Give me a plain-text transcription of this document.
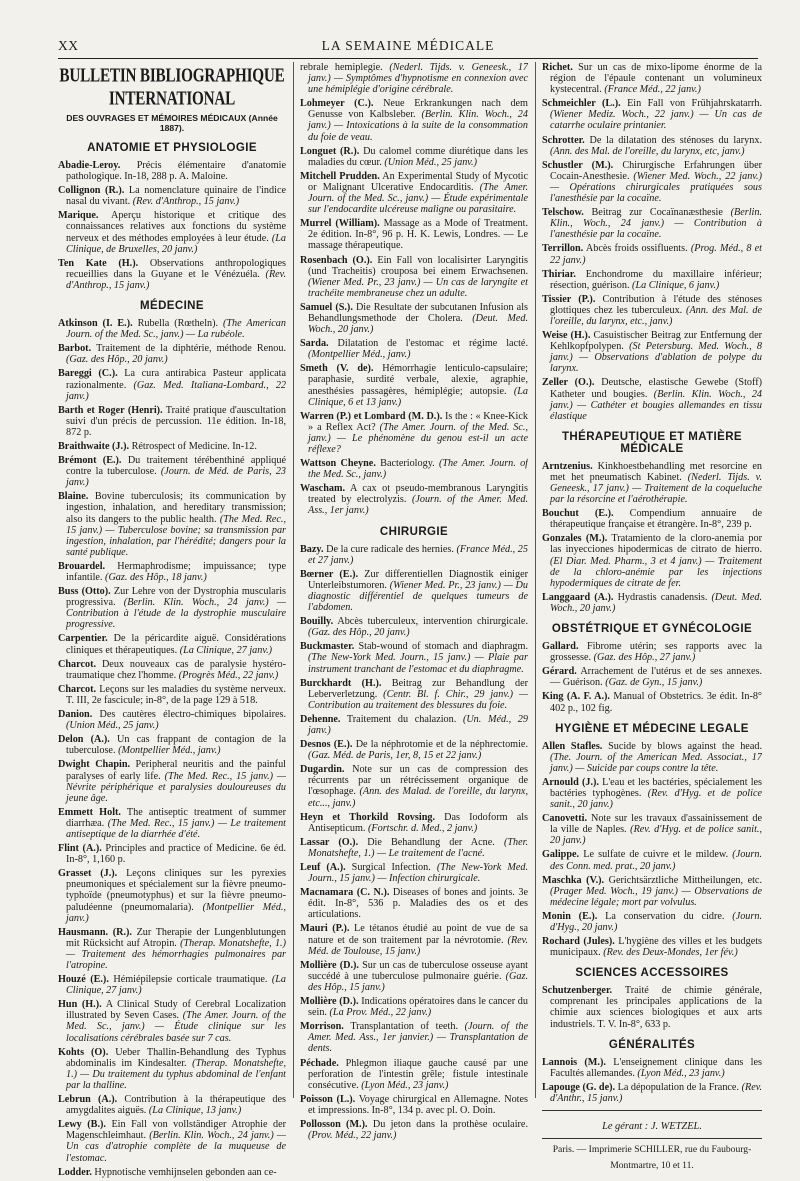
XX	LA SEMAINE MÉDICALE
BULLETIN BIBLIOGRAPHIQUE INTERNATIONAL
DES OUVRAGES ET MÉMOIRES MÉDICAUX (Année 1887).
ANATOMIE ET PHYSIOLOGIE
Abadie-Leroy. Précis élémentaire d'anatomie pathologique. In-18, 288 p. A. Maloine.
Collignon (R.). La nomenclature quinaire de l'indice nasal du vivant. (Rev. d'Anthrop., 15 janv.)
Marique. Aperçu historique et critique des connaissances relatives aux fonctions du système nerveux et des méthodes employées à leur étude. (La Clinique, de Bruxelles, 20 janv.)
Ten Kate (H.). Observations anthropologiques recueillies dans la Guyane et le Vénézuéla. (Rev. d'Anthrop., 15 janv.)
MÉDECINE
Atkinson (I. E.). Rubella (Rœtheln). (The American Journ. of the Med. Sc., janv.) — La rubéole.
Barbot. Traitement de la diphtérie, méthode Renou. (Gaz. des Hôp., 20 janv.)
Bareggi (C.). La cura antirabica Pasteur applicata razionalmente. (Gaz. Med. Italiana-Lombard., 22 janv.)
Barth et Roger (Henri). Traité pratique d'auscultation suivi d'un précis de percussion. 11e édition. In-18, 872 p.
Braithwaite (J.). Rétrospect of Medicine. In-12.
Brémont (E.). Du traitement térébenthiné appliqué contre la tuberculose. (Journ. de Méd. de Paris, 23 janv.)
Blaine. Bovine tuberculosis; its communication by ingestion, inhalation, and hereditary transmission; also its dangers to the public health. (The Med. Rec., 15 janv.) — Tuberculose bovine; sa transmission par ingestion, inhalation, par l'hérédité; dangers pour la santé publique.
Brouardel. Hermaphrodisme; impuissance; type infantile. (Gaz. des Hôp., 18 janv.)
Buss (Otto). Zur Lehre von der Dystrophia muscularis progressiva. (Berlin. Klin. Woch., 24 janv.) — Contribution à l'étude de la dystrophie musculaire progressive.
Carpentier. De la péricardite aiguë. Considérations cliniques et thérapeutiques. (La Clinique, 27 janv.)
Charcot. Deux nouveaux cas de paralysie hystéro-traumatique chez l'homme. (Progrès Méd., 22 janv.)
Charcot. Leçons sur les maladies du système nerveux. T. III, 2e fascicule; in-8°, de la page 129 à 518.
Danion. Des cautères électro-chimiques bipolaires. (Union Méd., 25 janv.)
Delon (A.). Un cas frappant de contagion de la tuberculose. (Montpellier Méd., janv.)
Dwight Chapin. Peripheral neuritis and the painful paralyses of early life. (The Med. Rec., 15 janv.) — Névrite périphérique et paralysies douloureuses du jeune âge.
Emmett Holt. The antiseptic treatment of summer diarrhæa. (The Med. Rec., 15 janv.) — Le traitement antiseptique de la diarrhée d'été.
Flint (A.). Principles and practice of Medicine. 6e éd. In-8°, 1,160 p.
Grasset (J.). Leçons cliniques sur les pyrexies pneumoniques et spécialement sur la fièvre pneumo-typhoïde (pneumotyphus) et sur la fièvre pneumo-paludéenne (pneumomalaria). (Montpellier Méd., janv.)
Hausmann. (R.). Zur Therapie der Lungenblutungen mit Rücksicht auf Atropin. (Therap. Monatshefte, 1.) — Traitement des hémorrhagies pulmonaires par l'atropine.
Houzé (E.). Hémiépilepsie corticale traumatique. (La Clinique, 27 janv.)
Hun (H.). A Clinical Study of Cerebral Localization illustrated by Seven Cases. (The Amer. Journ. of the Med. Sc., janv.) — Étude clinique sur les localisations cérébrales basée sur 7 cas.
Kohts (O). Ueber Thallin-Behandlung des Typhus abdominalis im Kindesalter. (Therap. Monatshefte, 1.) — Du traitement du typhus abdominal de l'enfant par la thalline.
Lebrun (A.). Contribution à la thérapeutique des amygdalites aiguës. (La Clinique, 13 janv.)
Lewy (B.). Ein Fall von vollständiger Atrophie der Magenschleimhaut. (Berlin. Klin. Woch., 24 janv.) — Un cas d'atrophie complète de la muqueuse de l'estomac.
Lodder. Hypnotische vemhijnselen gebonden aan ce-
rebrale hemiplegie. (Nederl. Tijds. v. Geneesk., 17 janv.) — Symptômes d'hypnotisme en connexion avec une hémiplégie d'origine cérébrale.
Lohmeyer (C.). Neue Erkrankungen nach dem Genusse von Kalbsleber. (Berlin. Klin. Woch., 24 janv.) — Intoxications à la suite de la consommation du foie de veau.
Longuet (R.). Du calomel comme diurétique dans les maladies du cœur. (Union Méd., 25 janv.)
Mitchell Prudden. An Experimental Study of Mycotic or Malignant Ulcerative Endocarditis. (The Amer. Journ. of the Med. Sc., janv.) — Étude expérimentale sur l'endocardite ulcéreuse maligne ou parasitaire.
Murrel (William). Massage as a Mode of Treatment. 2e édition. In-8°, 96 p. H. K. Lewis, Londres. — Le massage thérapeutique.
Rosenbach (O.). Ein Fall von localisirter Laryngitis (und Tracheitis) crouposa bei einem Erwachsenen. (Wiener Med. Pr., 23 janv.) — Un cas de laryngite et trachéite membraneuse chez un adulte.
Samuel (S.). Die Resultate der subcutanen Infusion als Behandlungsmethode der Cholera. (Deut. Med. Woch., 20 janv.)
Sarda. Dilatation de l'estomac et régime lacté. (Montpellier Méd., janv.)
Smeth (V. de). Hémorrhagie lenticulo-capsulaire; paraphasie, surdité verbale, alexie, agraphie, anesthésies passagères, hémiplégie; autopsie. (La Clinique, 6 et 13 janv.)
Warren (P.) et Lombard (M. D.). Is the : « Knee-Kick » a Reflex Act? (The Amer. Journ. of the Med. Sc., janv.) — Le phénomène du genou est-il un acte réflexe?
Wattson Cheyne. Bacteriology. (The Amer. Journ. of the Med. Sc., janv.)
Wascham. A cax ot pseudo-membranous Laryngitis treated by electrolyzis. (Journ. of the Amer. Med. Ass., 1er janv.)
CHIRURGIE
Bazy. De la cure radicale des hernies. (France Méd., 25 et 27 janv.)
Bœrner (E.). Zur differentiellen Diagnostik einiger Unterleibstumoren. (Wiener Med. Pr., 23 janv.) — Du diagnostic différentiel de quelques tumeurs de l'abdomen.
Bouilly. Abcès tuberculeux, intervention chirurgicale. (Gaz. des Hôp., 20 janv.)
Buckmaster. Stab-wound of stomach and diaphragm. (The New-York Med. Journ., 15 janv.) — Plaie par instrument tranchant de l'estomac et du diaphragme.
Burckhardt (H.). Beitrag zur Behandlung der Leberverletzung. (Centr. Bl. f. Chir., 29 janv.) — Contribution au traitement des blessures du foie.
Dehenne. Traitement du chalazion. (Un. Méd., 29 janv.)
Desnos (E.). De la néphrotomie et de la néphrectomie. (Gaz. Méd. de Paris, 1er, 8, 15 et 22 janv.)
Dugardin. Note sur un cas de compression des récurrents par un rétrécissement organique de l'œsophage. (Ann. des Malad. de l'oreille, du larynx, etc..., janv.)
Heyn et Thorkild Rovsing. Das Iodoform als Antisepticum. (Fortschr. d. Med., 2 janv.)
Lassar (O.). Die Behandlung der Acne. (Ther. Monatshefte, 1.) — Le traitement de l'acné.
Leuf (A.). Surgical Infection. (The New-York Med. Journ., 15 janv.) — Infection chirurgicale.
Macnamara (C. N.). Diseases of bones and joints. 3e édit. In-8°, 536 p. Maladies des os et des articulations.
Mauri (P.). Le tétanos étudié au point de vue de sa nature et de son traitement par la névrotomie. (Rev. Méd. de Toulouse, 15 janv.)
Mollière (D.). Sur un cas de tuberculose osseuse ayant succédé à une tuberculose pulmonaire guérie. (Gaz. des Hôp., 15 janv.)
Mollière (D.). Indications opératoires dans le cancer du sein. (La Prov. Méd., 22 janv.)
Morrison. Transplantation of teeth. (Journ. of the Amer. Med. Ass., 1er janvier.) — Transplantation de dents.
Péchade. Phlegmon iliaque gauche causé par une perforation de l'intestin grêle; fistule intestinale consécutive. (Lyon Méd., 23 janv.)
Poisson (L.). Voyage chirurgical en Allemagne. Notes et impressions. In-8°, 134 p. avec pl. O. Doin.
Pollosson (M.). Du jeton dans la prothèse oculaire. (Prov. Méd., 22 janv.)
Richet. Sur un cas de mixo-lipome énorme de la région de l'épaule contenant un volumineux kystecentral. (France Méd., 22 janv.)
Schmeichler (L.). Ein Fall von Frühjahrskatarrh. (Wiener Mediz. Woch., 22 janv.) — Un cas de catarrhe oculaire printanier.
Schrotter. De la dilatation des sténoses du larynx. (Ann. des Mal. de l'oreille, du larynx, etc, janv.)
Schustler (M.). Chirurgische Erfahrungen über Cocain-Anesthesie. (Wiener Med. Woch., 22 janv.) — Opérations chirurgicales pratiquées sous l'anesthésie par la cocaïne.
Telschow. Beitrag zur Cocaïnanæsthesie (Berlin. Klin., Woch., 24 janv.) — Contribution à l'anesthésie par la cocaïne.
Terrillon. Abcès froids ossifluents. (Prog. Méd., 8 et 22 janv.)
Thiriar. Enchondrome du maxillaire inférieur; résection, guérison. (La Clinique, 6 janv.)
Tissier (P.). Contribution à l'étude des sténoses glottiques chez les tuberculeux. (Ann. des Mal. de l'oreille, du larynx, etc., janv.)
Weise (H.). Casuistischer Beitrag zur Entfernung der Kehlkopfpolypen. (St Petersburg. Med. Woch., 8 janv.) — Observations d'ablation de polype du larynx.
Zeller (O.). Deutsche, elastische Gewebe (Stoff) Katheter und bougies. (Berlin. Klin. Woch., 24 janv.) — Cathéter et bougies allemandes en tissu élastique
THÉRAPEUTIQUE ET MATIÈRE MÉDICALE
Arntzenius. Kinkhoestbehandling met resorcine en met het pneumatisch Kabinet. (Nederl. Tijds. v. Geneesk., 17 janv.) — Traitement de la coqueluche par la résorcine et l'aérothérapie.
Bouchut (E.). Compendium annuaire de thérapeutique française et étrangère. In-8°, 239 p.
Gonzales (M.). Tratamiento de la cloro-anemia por las inyecciones hipodermicas de citrato de hierro. (El Diar. Med. Pharm., 3 et 4 janv.) — Traitement de la chloro-anémie par les injections hypodermiques de citrate de fer.
Langgaard (A.). Hydrastis canadensis. (Deut. Med. Woch., 20 janv.)
OBSTÉTRIQUE ET GYNÉCOLOGIE
Gallard. Fibrome utérin; ses rapports avec la grossesse. (Gaz. des Hôp., 27 janv.)
Gérard. Arrachement de l'utérus et de ses annexes. — Guérison. (Gaz. de Gyn., 15 janv.)
King (A. F. A.). Manual of Obstetrics. 3e édit. In-8° 402 p., 102 fig.
HYGIÈNE ET MÉDECINE LEGALE
Allen Stafles. Sucide by blows against the head. (The. Journ. of the American Med. Associat., 17 janv.) — Suicide par coups contre la tête.
Arnould (J.). L'eau et les bactéries, spécialement les bactéries typhogènes. (Rev. d'Hyg. et de police sanit., 20 janv.)
Canovetti. Note sur les travaux d'assainissement de la ville de Naples. (Rev. d'Hyg. et de police sanit., 20 janv.)
Galippe. Le sulfate de cuivre et le mildew. (Journ. des Conn. med. prat., 20 janv.)
Maschka (V.). Gerichtsärztliche Mittheilungen, etc. (Prager Med. Woch., 19 janv.) — Observations de médecine légale; mort par volvulus.
Monin (E.). La conservation du cidre. (Journ. d'Hyg., 20 janv.)
Rochard (Jules). L'hygiène des villes et les budgets municipaux. (Rev. des Deux-Mondes, 1er fév.)
SCIENCES ACCESSOIRES
Schutzenberger. Traité de chimie générale, comprenant les principales applications de la chimie aux sciences biologiques et aux arts industriels. T. V. In-8°, 633 p.
GÉNÉRALITÉS
Lannois (M.). L'enseignement clinique dans les Facultés allemandes. (Lyon Méd., 23 janv.)
Lapouge (G. de). La dépopulation de la France. (Rev. d'Anthr., 15 janv.)
Le gérant : J. WETZEL.
Paris. — Imprimerie SCHILLER, rue du Faubourg-
Montmartre, 10 et 11.
